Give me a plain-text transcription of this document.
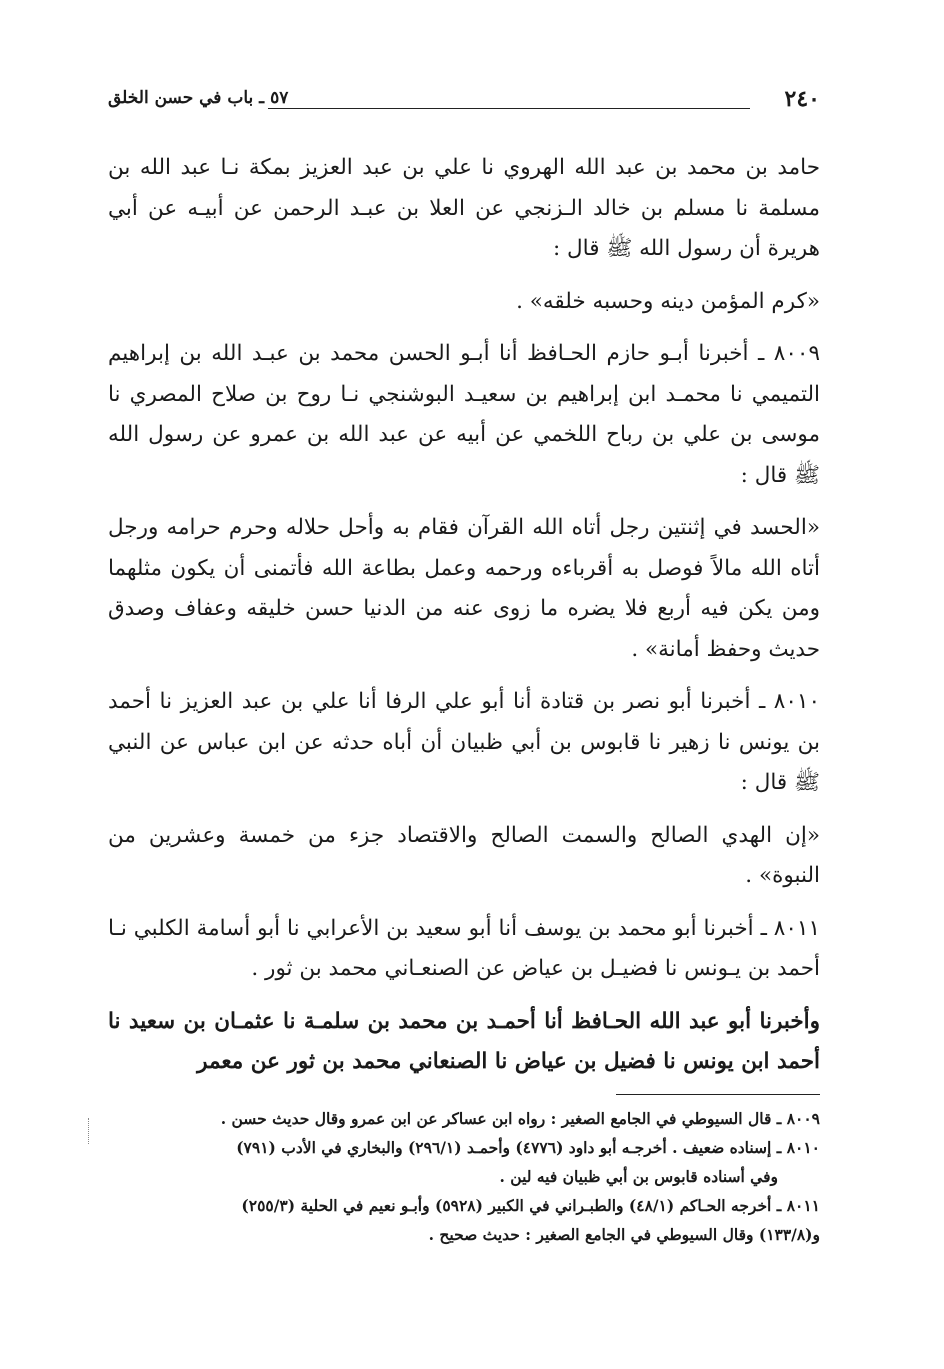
٢٤٠
٥٧ ـ باب في حسن الخلق

حامد بن محمد بن عبد الله الهروي نا علي بن عبد العزيز بمكة نـا عبد الله بن مسلمة نا مسلم بن خالد الـزنجي عن العلا بن عبـد الرحمن عن أبيـه عن أبي هريرة أن رسول الله ﷺ قال :

«كرم المؤمن دينه وحسبه خلقه» .

٨٠٠٩ ـ أخبرنا أبـو حازم الحـافظ أنا أبـو الحسن محمد بن عبـد الله بن إبراهيم التميمي نا محمـد ابن إبراهيم بن سعيـد البوشنجي نـا روح بن صلاح المصري نا موسى بن علي بن رباح اللخمي عن أبيه عن عبد الله بن عمرو عن رسول الله ﷺ قال :

«الحسد في إثنتين رجل أتاه الله القرآن فقام به وأحل حلاله وحرم حرامه ورجل أتاه الله مالاً فوصل به أقرباءه ورحمه وعمل بطاعة الله فأتمنى أن يكون مثلهما ومن يكن فيه أربع فلا يضره ما زوى عنه من الدنيا حسن خليقه وعفاف وصدق حديث وحفظ أمانة» .

٨٠١٠ ـ أخبرنا أبو نصر بن قتادة أنا أبو علي الرفا أنا علي بن عبد العزيز نا أحمد بن يونس نا زهير نا قابوس بن أبي ظبيان أن أباه حدثه عن ابن عباس عن النبي ﷺ قال :

«إن الهدي الصالح والسمت الصالح والاقتصاد جزء من خمسة وعشرين من النبوة» .

٨٠١١ ـ أخبرنا أبو محمد بن يوسف أنا أبو سعيد بن الأعرابي نا أبو أسامة الكلبي نـا أحمد بن يـونس نا فضيـل بن عياض عن الصنعـاني محمد بن ثور .

وأخبرنا أبو عبد الله الحـافظ أنا أحمـد بن محمد بن سلمـة نا عثمـان بن سعيد نا أحمد ابن يونس نا فضيل بن عياض نا الصنعاني محمد بن ثور عن معمر

٨٠٠٩ ـ قال السيوطي في الجامع الصغير : رواه ابن عساكر عن ابن عمرو وقال حديث حسن .

٨٠١٠ ـ إسناده ضعيف . أخرجـه أبو داود (٤٧٧٦) وأحمـد (٢٩٦/١) والبخاري في الأدب (٧٩١)

وفي أسناده قابوس بن أبي ظبيان فيه لين .

٨٠١١ ـ أخرجه الحـاكم (٤٨/١) والطبـراني في الكبير (٥٩٢٨) وأبـو نعيم في الحلية (٢٥٥/٣)

و(١٣٣/٨) وقال السيوطي في الجامع الصغير : حديث صحيح .
